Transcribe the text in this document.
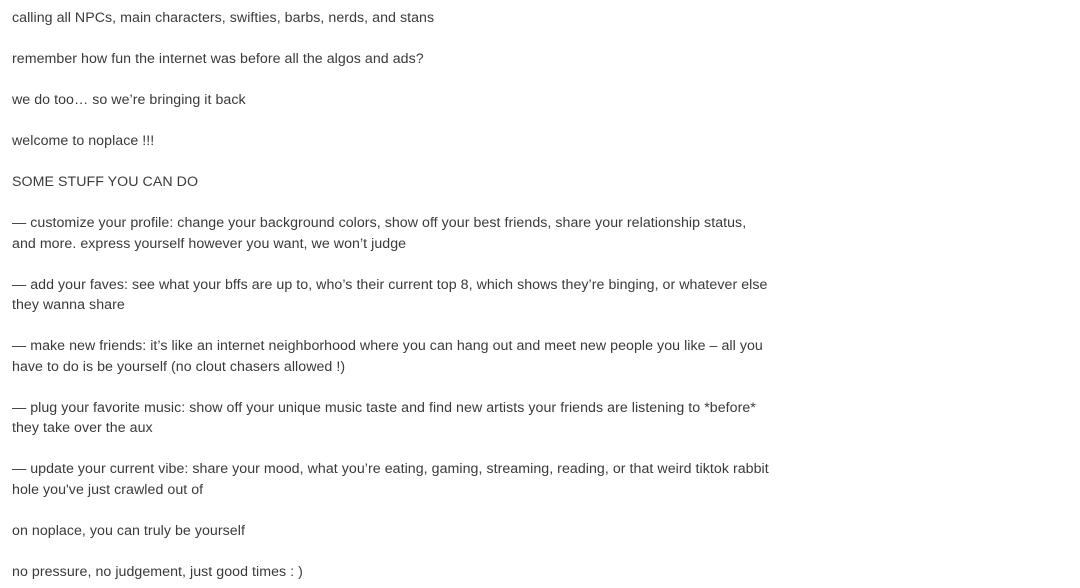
calling all NPCs, main characters, swifties, barbs, nerds, and stans

remember how fun the internet was before all the algos and ads?

we do too… so we’re bringing it back

welcome to noplace !!!

SOME STUFF YOU CAN DO

— customize your profile: change your background colors, show off your best friends, share your relationship status, and more. express yourself however you want, we won’t judge

— add your faves: see what your bffs are up to, who’s their current top 8, which shows they’re binging, or whatever else they wanna share

— make new friends: it’s like an internet neighborhood where you can hang out and meet new people you like – all you have to do is be yourself (no clout chasers allowed !)

— plug your favorite music: show off your unique music taste and find new artists your friends are listening to *before* they take over the aux

— update your current vibe: share your mood, what you’re eating, gaming, streaming, reading, or that weird tiktok rabbit hole you've just crawled out of

on noplace, you can truly be yourself

no pressure, no judgement, just good times : )
